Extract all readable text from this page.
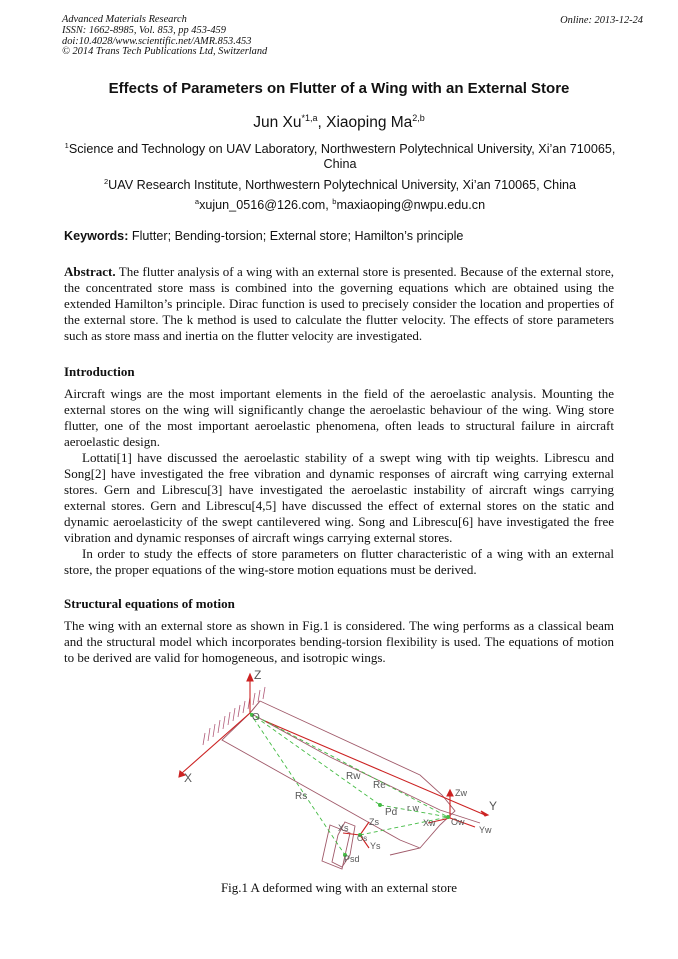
Advanced Materials Research
ISSN: 1662-8985, Vol. 853, pp 453-459
doi:10.4028/www.scientific.net/AMR.853.453
© 2014 Trans Tech Publications Ltd, Switzerland
Online: 2013-12-24
Effects of Parameters on Flutter of a Wing with an External Store
Jun Xu$^{*1,a}$, Xiaoping Ma$^{2,b}$
$^1$Science and Technology on UAV Laboratory, Northwestern Polytechnical University, Xi’an 710065, China
$^2$UAV Research Institute, Northwestern Polytechnical University, Xi’an 710065, China
$^a$xujun_0516@126.com, $^b$maxiaoping@nwpu.edu.cn
Keywords: Flutter; Bending-torsion; External store; Hamilton’s principle

Abstract. The flutter analysis of a wing with an external store is presented. Because of the external store, the concentrated store mass is combined into the governing equations which are obtained using the extended Hamilton’s principle. Dirac function is used to precisely consider the location and properties of the external store. The k method is used to calculate the flutter velocity. The effects of store parameters such as store mass and inertia on the flutter velocity are investigated.

Introduction

Aircraft wings are the most important elements in the field of the aeroelastic analysis. Mounting the external stores on the wing will significantly change the aeroelastic behaviour of the wing. Wing store flutter, one of the most important aeroelastic phenomena, often leads to structural failure in aircraft aeroelastic design.

Lottati[1] have discussed the aeroelastic stability of a swept wing with tip weights. Librescu and Song[2] have investigated the free vibration and dynamic responses of aircraft wing carrying external stores. Gern and Librescu[3] have investigated the aeroelastic instability of aircraft wings carrying external stores. Gern and Librescu[4,5] have discussed the effect of external stores on the static and dynamic aeroelasticity of the swept cantilevered wing. Song and Librescu[6] have investigated the free vibration and dynamic responses of aircraft wings carrying external stores.

In order to study the effects of store parameters on flutter characteristic of a wing with an external store, the proper equations of the wing-store motion equations must be derived.

Structural equations of motion

The wing with an external store as shown in Fig.1 is considered. The wing performs as a classical beam and the structural model which incorporates bending-torsion flexibility is used. The equations of motion to be derived are valid for homogeneous, and isotropic wings.

Z
X
Y
O
Rw
Re
Rs
Pd r w
Xw Ow
Zw
Yw
Xs
Zs
Os
Ys
Psd
Fig.1 A deformed wing with an external store
